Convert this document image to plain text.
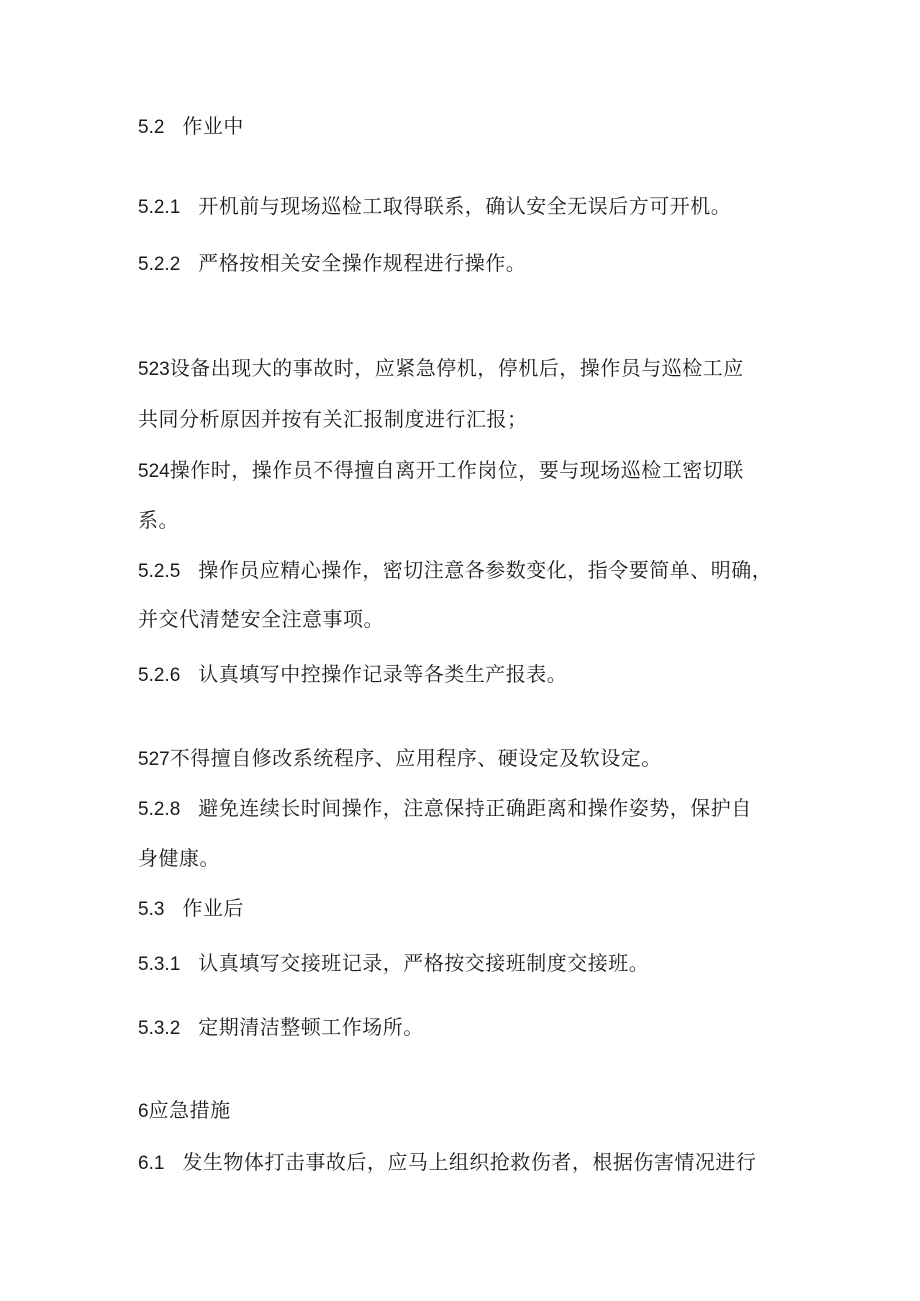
5.2 作业中
5.2.1 开机前与现场巡检工取得联系，确认安全无误后方可开机。
5.2.2 严格按相关安全操作规程进行操作。
523设备出现大的事故时，应紧急停机，停机后，操作员与巡检工应
共同分析原因并按有关汇报制度进行汇报；
524操作时，操作员不得擅自离开工作岗位，要与现场巡检工密切联
系。
5.2.5 操作员应精心操作，密切注意各参数变化，指令要简单、明确，
并交代清楚安全注意事项。
5.2.6 认真填写中控操作记录等各类生产报表。
527不得擅自修改系统程序、应用程序、硬设定及软设定。
5.2.8 避免连续长时间操作，注意保持正确距离和操作姿势，保护自
身健康。
5.3 作业后
5.3.1 认真填写交接班记录，严格按交接班制度交接班。
5.3.2 定期清洁整顿工作场所。
6应急措施
6.1 发生物体打击事故后，应马上组织抢救伤者，根据伤害情况进行
